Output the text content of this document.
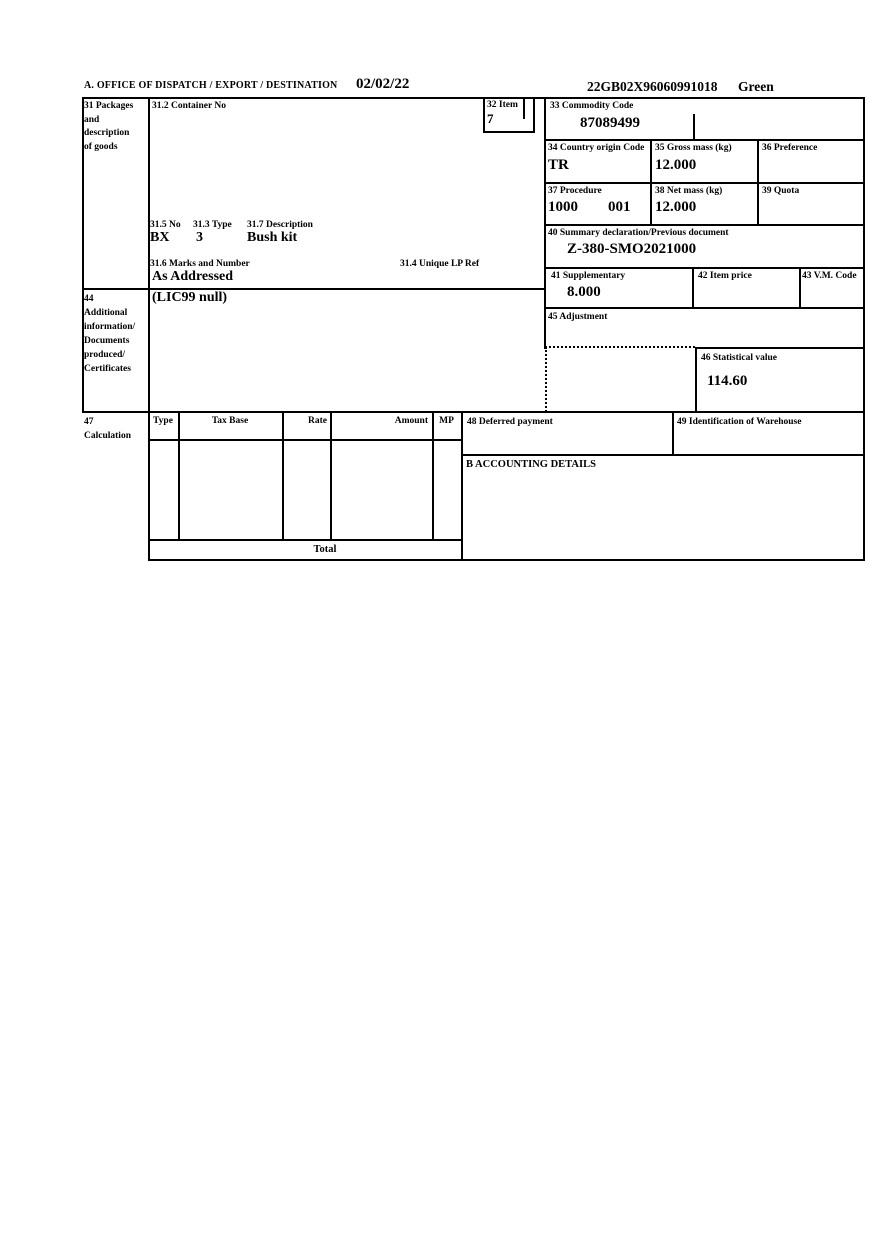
A. OFFICE OF DISPATCH / EXPORT / DESTINATION 02/02/22	22GB02X96060991018 Green
31 Packages
and
description
of goods
31.2 Container No	32 Item
7
31.5 No 31.3 Type 31.7 Description
BX 3	Bush kit
31.6 Marks and Number	31.4 Unique LP Ref
As Addressed
33 Commodity Code
87089499
34 Country origin Code
TR
35 Gross mass (kg)
12.000
36 Preference
37 Procedure
1000 001
38 Net mass (kg)
12.000
39 Quota
40 Summary declaration/Previous document
Z-380-SMO2021000
41 Supplementary
8.000
42 Item price	43 V.M. Code
44
Additional
information/
Documents
produced/
Certificates
(LIC99 null)
45 Adjustment
46 Statistical value
114.60
47
Calculation
Type	Tax Base	Rate	Amount	MP
Total
48 Deferred payment	49 Identification of Warehouse
B ACCOUNTING DETAILS
